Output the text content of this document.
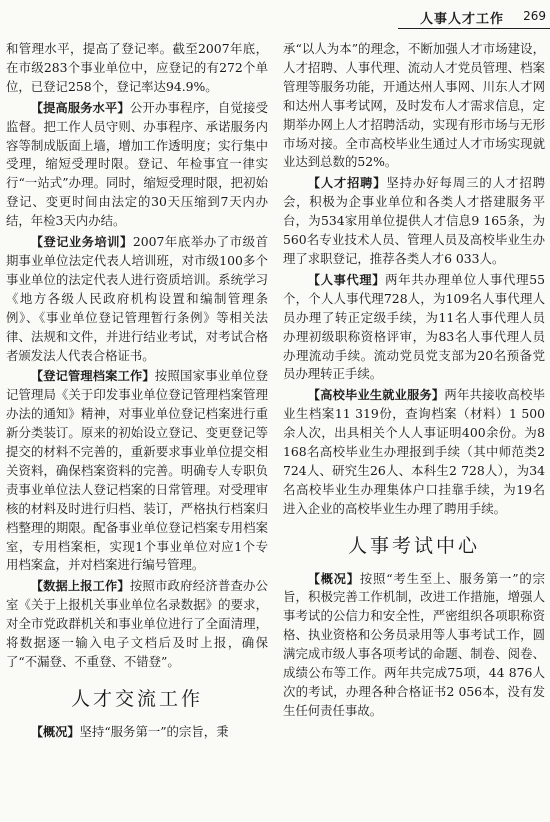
人事人才工作 269

和管理水平，提高了登记率。截至2007年底，在市级283个事业单位中，应登记的有272个单位，已登记258个，登记率达94.9%。

【提高服务水平】公开办事程序，自觉接受监督。把工作人员守则、办事程序、承诺服务内容等制成版面上墙，增加工作透明度；实行集中受理，缩短受理时限。登记、年检事宜一律实行“一站式”办理。同时，缩短受理时限，把初始登记、变更时间由法定的30天压缩到7天内办结，年检3天内办结。

【登记业务培训】2007年底举办了市级首期事业单位法定代表人培训班，对市级100多个事业单位的法定代表人进行资质培训。系统学习《地方各级人民政府机构设置和编制管理条例》、《事业单位登记管理暂行条例》等相关法律、法规和文件，并进行结业考试，对考试合格者颁发法人代表合格证书。

【登记管理档案工作】按照国家事业单位登记管理局《关于印发事业单位登记管理档案管理办法的通知》精神，对事业单位登记档案进行重新分类装订。原来的初始设立登记、变更登记等提交的材料不完善的，重新要求事业单位提交相关资料，确保档案资料的完善。明确专人专职负责事业单位法人登记档案的日常管理。对受理审核的材料及时进行归档、装订，严格执行档案归档整理的期限。配备事业单位登记档案专用档案室，专用档案柜，实现1个事业单位对应1个专用档案盒，并对档案进行编号管理。

【数据上报工作】按照市政府经济普查办公室《关于上报机关事业单位名录数据》的要求，对全市党政群机关和事业单位进行了全面清理，将数据逐一输入电子文档后及时上报，确保了“不漏登、不重登、不错登”。

人才交流工作

【概况】坚持“服务第一”的宗旨，秉

承“以人为本”的理念，不断加强人才市场建设，人才招聘、人事代理、流动人才党员管理、档案管理等服务功能，开通达州人事网、川东人才网和达州人事考试网，及时发布人才需求信息，定期举办网上人才招聘活动，实现有形市场与无形市场对接。全市高校毕业生通过人才市场实现就业达到总数的52%。

【人才招聘】坚持办好每周三的人才招聘会，积极为企事业单位和各类人才搭建服务平台，为534家用单位提供人才信息9 165条，为560名专业技术人员、管理人员及高校毕业生办理了求职登记，推荐各类人才6 033人。

【人事代理】两年共办理单位人事代理55个，个人人事代理728人，为109名人事代理人员办理了转正定级手续，为11名人事代理人员办理初级职称资格评审，为83名人事代理人员办理流动手续。流动党员党支部为20名预备党员办理转正手续。

【高校毕业生就业服务】两年共接收高校毕业生档案11 319份，查询档案（材料）1 500余人次，出具相关个人人事证明400余份。为8 168名高校毕业生办理报到手续（其中师范类2 724人、研究生26人、本科生2 728人），为34名高校毕业生办理集体户口挂靠手续，为19名进入企业的高校毕业生办理了聘用手续。

人事考试中心

【概况】按照“考生至上、服务第一”的宗旨，积极完善工作机制，改进工作措施，增强人事考试的公信力和安全性，严密组织各项职称资格、执业资格和公务员录用等人事考试工作，圆满完成市级人事各项考试的命题、制卷、阅卷、成绩公布等工作。两年共完成75项，44 876人次的考试，办理各种合格证书2 056本，没有发生任何责任事故。
